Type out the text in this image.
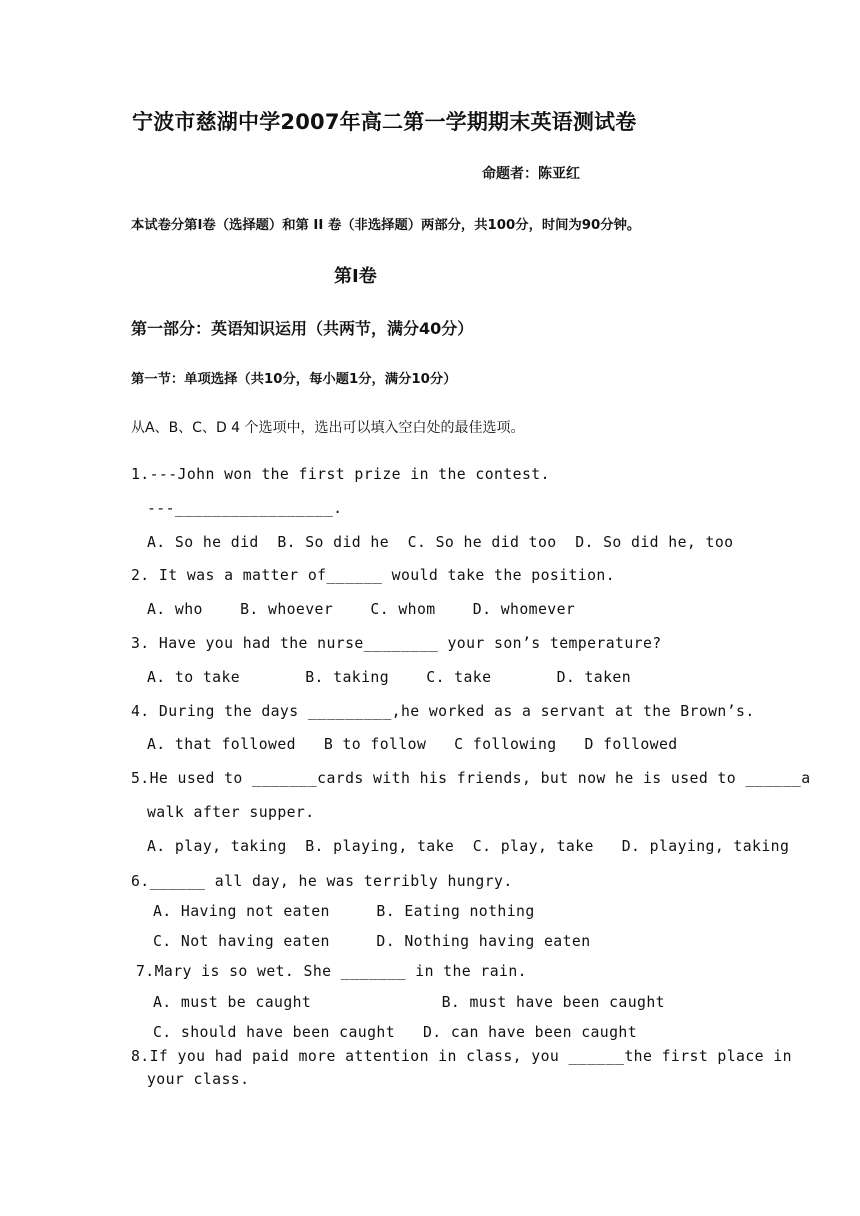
宁波市慈湖中学2007年高二第一学期期末英语测试卷
命题者：陈亚红
本试卷分第Ⅰ卷（选择题）和第 II 卷（非选择题）两部分，共100分，时间为90分钟。
第Ⅰ卷
第一部分：英语知识运用（共两节，满分40分）
第一节：单项选择（共10分，每小题1分，满分10分）
从A、B、C、D 4 个选项中，选出可以填入空白处的最佳选项。
1.-‑-John won the first prize in the contest.
---_________________.
A. So he did  B. So did he  C. So he did too  D. So did he, too
2. It was a matter of______ would take the position.
A. who    B. whoever    C. whom    D. whomever
3. Have you had the nurse________ your son’s temperature?
A. to take       B. taking    C. take       D. taken
4. During the days _________,he worked as a servant at the Brown’s.
A. that followed   B to follow   C following   D followed
5.He used to _______cards with his friends, but now he is used to ______a
walk after supper.
A. play, taking  B. playing, take  C. play, take   D. playing, taking
6.______ all day, he was terribly hungry.
A. Having not eaten     B. Eating nothing
C. Not having eaten     D. Nothing having eaten
7.Mary is so wet. She _______ in the rain.
A. must be caught              B. must have been caught
C. should have been caught   D. can have been caught
8.If you had paid more attention in class, you ______the first place in
your class.
